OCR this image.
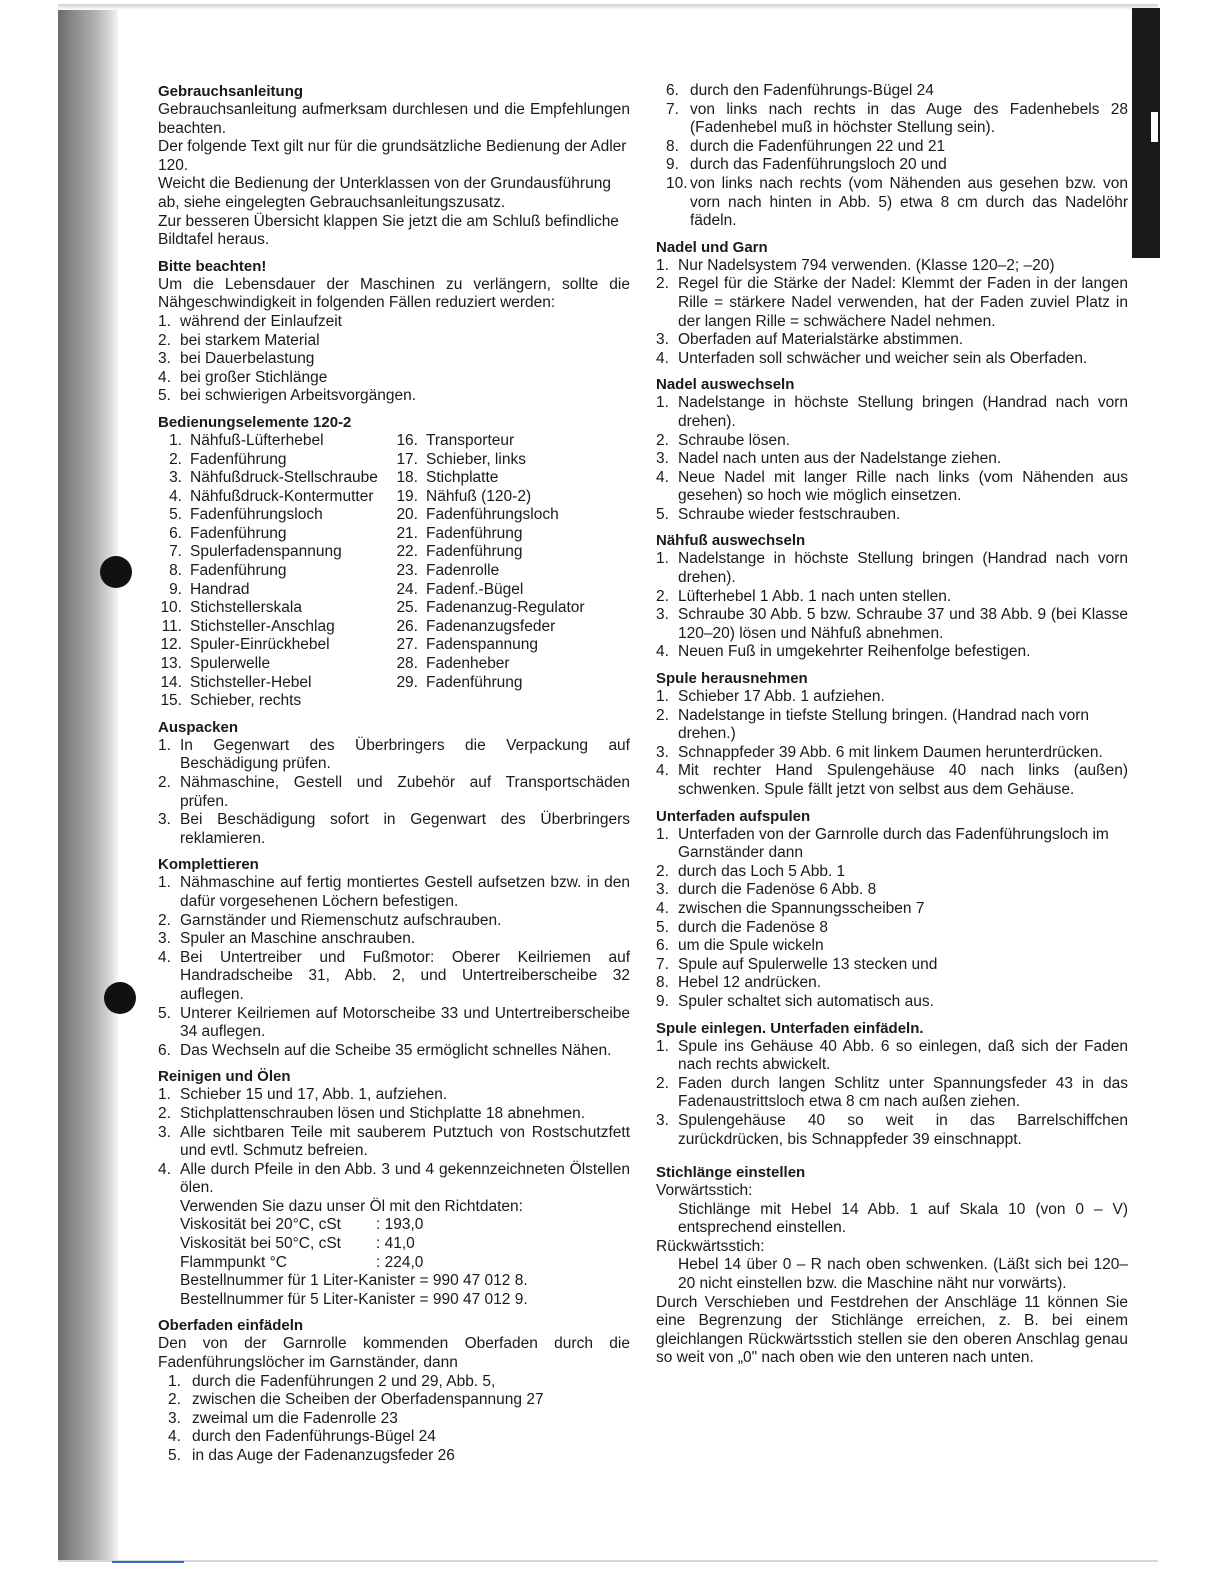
Gebrauchsanleitung

Gebrauchsanleitung aufmerksam durchlesen und die Empfehlungen beachten.

Der folgende Text gilt nur für die grundsätzliche Bedienung der Adler 120.

Weicht die Bedienung der Unterklassen von der Grundausführung ab, siehe eingelegten Gebrauchsanleitungszusatz.

Zur besseren Übersicht klappen Sie jetzt die am Schluß befindliche Bildtafel heraus.

Bitte beachten!

Um die Lebensdauer der Maschinen zu verlängern, sollte die Nähgeschwindigkeit in folgenden Fällen reduziert werden:

1. während der Einlaufzeit
2. bei starkem Material
3. bei Dauerbelastung
4. bei großer Stichlänge
5. bei schwierigen Arbeitsvorgängen.
Bedienungselemente 120-2
1. Nähfuß-Lüfterhebel
2. Fadenführung
3. Nähfußdruck-Stellschraube
4. Nähfußdruck-Kontermutter
5. Fadenführungsloch
6. Fadenführung
7. Spulerfadenspannung
8. Fadenführung
9. Handrad
10. Stichstellerskala
11. Stichsteller-Anschlag
12. Spuler-Einrückhebel
13. Spulerwelle
14. Stichsteller-Hebel
15. Schieber, rechts
16. Transporteur
17. Schieber, links
18. Stichplatte
19. Nähfuß (120-2)
20. Fadenführungsloch
21. Fadenführung
22. Fadenführung
23. Fadenrolle
24. Fadenf.-Bügel
25. Fadenanzug-Regulator
26. Fadenanzugsfeder
27. Fadenspannung
28. Fadenheber
29. Fadenführung
Auspacken
1. In Gegenwart des Überbringers die Verpackung auf Beschädigung prüfen.
2. Nähmaschine, Gestell und Zubehör auf Transportschäden prüfen.
3. Bei Beschädigung sofort in Gegenwart des Überbringers reklamieren.
Komplettieren
1. Nähmaschine auf fertig montiertes Gestell aufsetzen bzw. in den dafür vorgesehenen Löchern befestigen.
2. Garnständer und Riemenschutz aufschrauben.
3. Spuler an Maschine anschrauben.
4. Bei Untertreiber und Fußmotor: Oberer Keilriemen auf Handradscheibe 31, Abb. 2, und Untertreiberscheibe 32 auflegen.
5. Unterer Keilriemen auf Motorscheibe 33 und Untertreiberscheibe 34 auflegen.
6. Das Wechseln auf die Scheibe 35 ermöglicht schnelles Nähen.
Reinigen und Ölen
1. Schieber 15 und 17, Abb. 1, aufziehen.
2. Stichplattenschrauben lösen und Stichplatte 18 abnehmen.
3. Alle sichtbaren Teile mit sauberem Putztuch von Rostschutzfett und evtl. Schmutz befreien.
4. Alle durch Pfeile in den Abb. 3 und 4 gekennzeichneten Ölstellen ölen.
Verwenden Sie dazu unser Öl mit den Richtdaten:
Viskosität bei 20°C, cSt : 193,0
Viskosität bei 50°C, cSt : 41,0
Flammpunkt °C	: 224,0
Bestellnummer für 1 Liter-Kanister = 990 47 012 8.
Bestellnummer für 5 Liter-Kanister = 990 47 012 9.
Oberfaden einfädeln

Den von der Garnrolle kommenden Oberfaden durch die Fadenführungslöcher im Garnständer, dann

1. durch die Fadenführungen 2 und 29, Abb. 5,
2. zwischen die Scheiben der Oberfadenspannung 27
3. zweimal um die Fadenrolle 23
4. durch den Fadenführungs-Bügel 24
5. in das Auge der Fadenanzugsfeder 26
6. durch den Fadenführungs-Bügel 24
7. von links nach rechts in das Auge des Fadenhebels 28 (Fadenhebel muß in höchster Stellung sein).
8. durch die Fadenführungen 22 und 21
9. durch das Fadenführungsloch 20 und
10. von links nach rechts (vom Nähenden aus gesehen bzw. von vorn nach hinten in Abb. 5) etwa 8 cm durch das Nadelöhr fädeln.
Nadel und Garn
1. Nur Nadelsystem 794 verwenden. (Klasse 120–2; –20)
2. Regel für die Stärke der Nadel: Klemmt der Faden in der langen Rille = stärkere Nadel verwenden, hat der Faden zuviel Platz in der langen Rille = schwächere Nadel nehmen.
3. Oberfaden auf Materialstärke abstimmen.
4. Unterfaden soll schwächer und weicher sein als Oberfaden.
Nadel auswechseln
1. Nadelstange in höchste Stellung bringen (Handrad nach vorn drehen).
2. Schraube lösen.
3. Nadel nach unten aus der Nadelstange ziehen.
4. Neue Nadel mit langer Rille nach links (vom Nähenden aus gesehen) so hoch wie möglich einsetzen.
5. Schraube wieder festschrauben.
Nähfuß auswechseln
1. Nadelstange in höchste Stellung bringen (Handrad nach vorn drehen).
2. Lüfterhebel 1 Abb. 1 nach unten stellen.
3. Schraube 30 Abb. 5 bzw. Schraube 37 und 38 Abb. 9 (bei Klasse 120–20) lösen und Nähfuß abnehmen.
4. Neuen Fuß in umgekehrter Reihenfolge befestigen.
Spule herausnehmen
1. Schieber 17 Abb. 1 aufziehen.
2. Nadelstange in tiefste Stellung bringen. (Handrad nach vorn drehen.)
3. Schnappfeder 39 Abb. 6 mit linkem Daumen herunterdrücken.
4. Mit rechter Hand Spulengehäuse 40 nach links (außen) schwenken. Spule fällt jetzt von selbst aus dem Gehäuse.
Unterfaden aufspulen
1. Unterfaden von der Garnrolle durch das Fadenführungsloch im Garnständer dann
2. durch das Loch 5 Abb. 1
3. durch die Fadenöse 6 Abb. 8
4. zwischen die Spannungsscheiben 7
5. durch die Fadenöse 8
6. um die Spule wickeln
7. Spule auf Spulerwelle 13 stecken und
8. Hebel 12 andrücken.
9. Spuler schaltet sich automatisch aus.
Spule einlegen. Unterfaden einfädeln.
1. Spule ins Gehäuse 40 Abb. 6 so einlegen, daß sich der Faden nach rechts abwickelt.
2. Faden durch langen Schlitz unter Spannungsfeder 43 in das Fadenaustrittsloch etwa 8 cm nach außen ziehen.
3. Spulengehäuse 40 so weit in das Barrelschiffchen zurückdrücken, bis Schnappfeder 39 einschnappt.
Stichlänge einstellen
Vorwärtsstich:
Stichlänge mit Hebel 14 Abb. 1 auf Skala 10 (von 0 – V) entsprechend einstellen.
Rückwärtsstich:
Hebel 14 über 0 – R nach oben schwenken. (Läßt sich bei 120–20 nicht einstellen bzw. die Maschine näht nur vorwärts).
Durch Verschieben und Festdrehen der Anschläge 11 können Sie eine Begrenzung der Stichlänge erreichen, z. B. bei einem gleichlangen Rückwärtsstich stellen sie den oberen Anschlag genau so weit von „0" nach oben wie den unteren nach unten.
